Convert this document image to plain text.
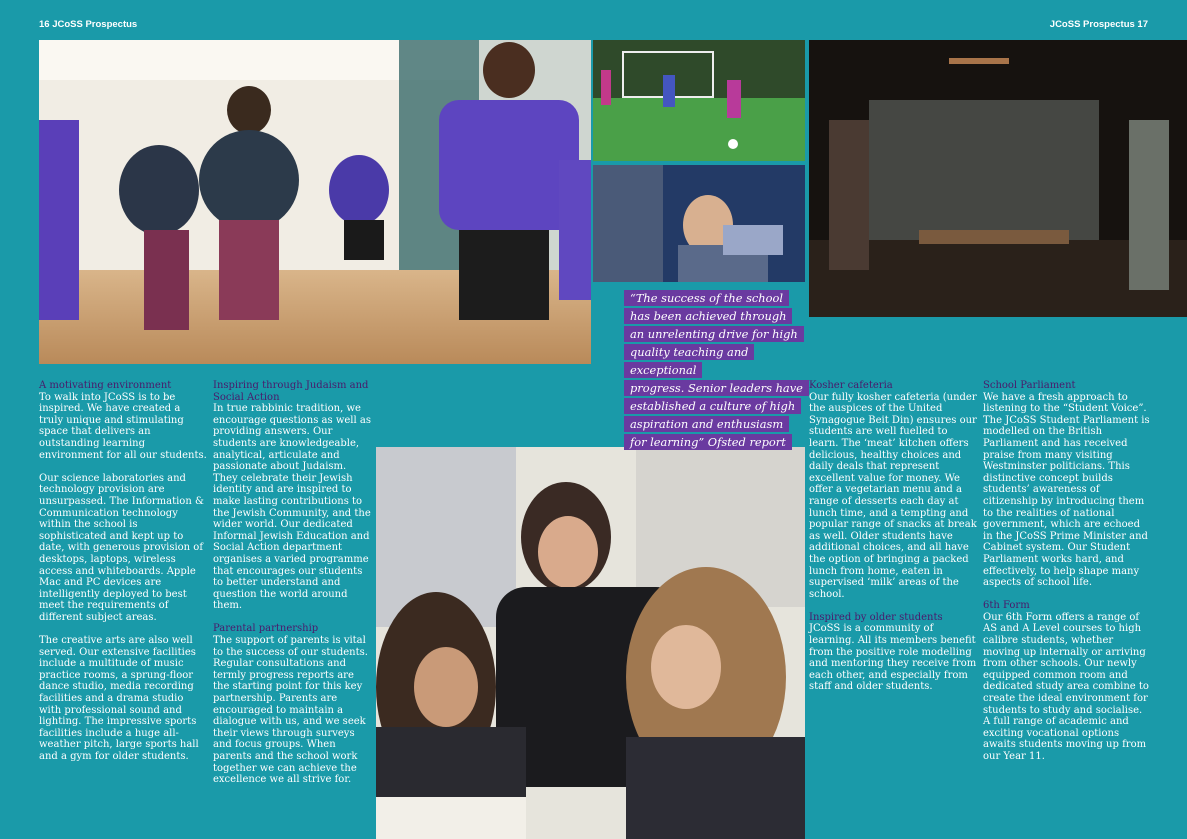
16 JCoSS Prospectus	JCoSS Prospectus 17
“The success of the school
has been achieved through
an unrelenting drive for high
quality teaching and exceptional
progress. Senior leaders have
established a culture of high
aspiration and enthusiasm
for learning” Ofsted report
A motivating environment

To walk into JCoSS is to be inspired. We have created a truly unique and stimulating space that delivers an outstanding learning environment for all our students.

Our science laboratories and technology provision are unsurpassed. The Information & Communication technology within the school is sophisticated and kept up to date, with generous provision of desktops, laptops, wireless access and whiteboards. Apple Mac and PC devices are intelligently deployed to best meet the requirements of different subject areas.

The creative arts are also well served. Our extensive facilities include a multitude of music practice rooms, a sprung-floor dance studio, media recording facilities and a drama studio with professional sound and lighting. The impressive sports facilities include a huge all-weather pitch, large sports hall and a gym for older students.

Inspiring through Judaism and Social Action

In true rabbinic tradition, we encourage questions as well as providing answers. Our students are knowledgeable, analytical, articulate and passionate about Judaism. They celebrate their Jewish identity and are inspired to make lasting contributions to the Jewish Community, and the wider world. Our dedicated Informal Jewish Education and Social Action department organises a varied programme that encourages our students to better understand and question the world around them.

Parental partnership

The support of parents is vital to the success of our students. Regular consultations and termly progress reports are the starting point for this key partnership. Parents are encouraged to maintain a dialogue with us, and we seek their views through surveys and focus groups. When parents and the school work together we can achieve the excellence we all strive for.

Kosher cafeteria

Our fully kosher cafeteria (under the auspices of the United Synagogue Beit Din) ensures our students are well fuelled to learn. The ‘meat’ kitchen offers delicious, healthy choices and daily deals that represent excellent value for money. We offer a vegetarian menu and a range of desserts each day at lunch time, and a tempting and popular range of snacks at break as well. Older students have additional choices, and all have the option of bringing a packed lunch from home, eaten in supervised ‘milk’ areas of the school.

Inspired by older students

JCoSS is a community of learning. All its members benefit from the positive role modelling and mentoring they receive from each other, and especially from staff and older students.

School Parliament

We have a fresh approach to listening to the “Student Voice”. The JCoSS Student Parliament is modelled on the British Parliament and has received praise from many visiting Westminster politicians. This distinctive concept builds students’ awareness of citizenship by introducing them to the realities of national government, which are echoed in the JCoSS Prime Minister and Cabinet system. Our Student Parliament works hard, and effectively, to help shape many aspects of school life.

6th Form

Our 6th Form offers a range of AS and A Level courses to high calibre students, whether moving up internally or arriving from other schools. Our newly equipped common room and dedicated study area combine to create the ideal environment for students to study and socialise. A full range of academic and exciting vocational options awaits students moving up from our Year 11.
